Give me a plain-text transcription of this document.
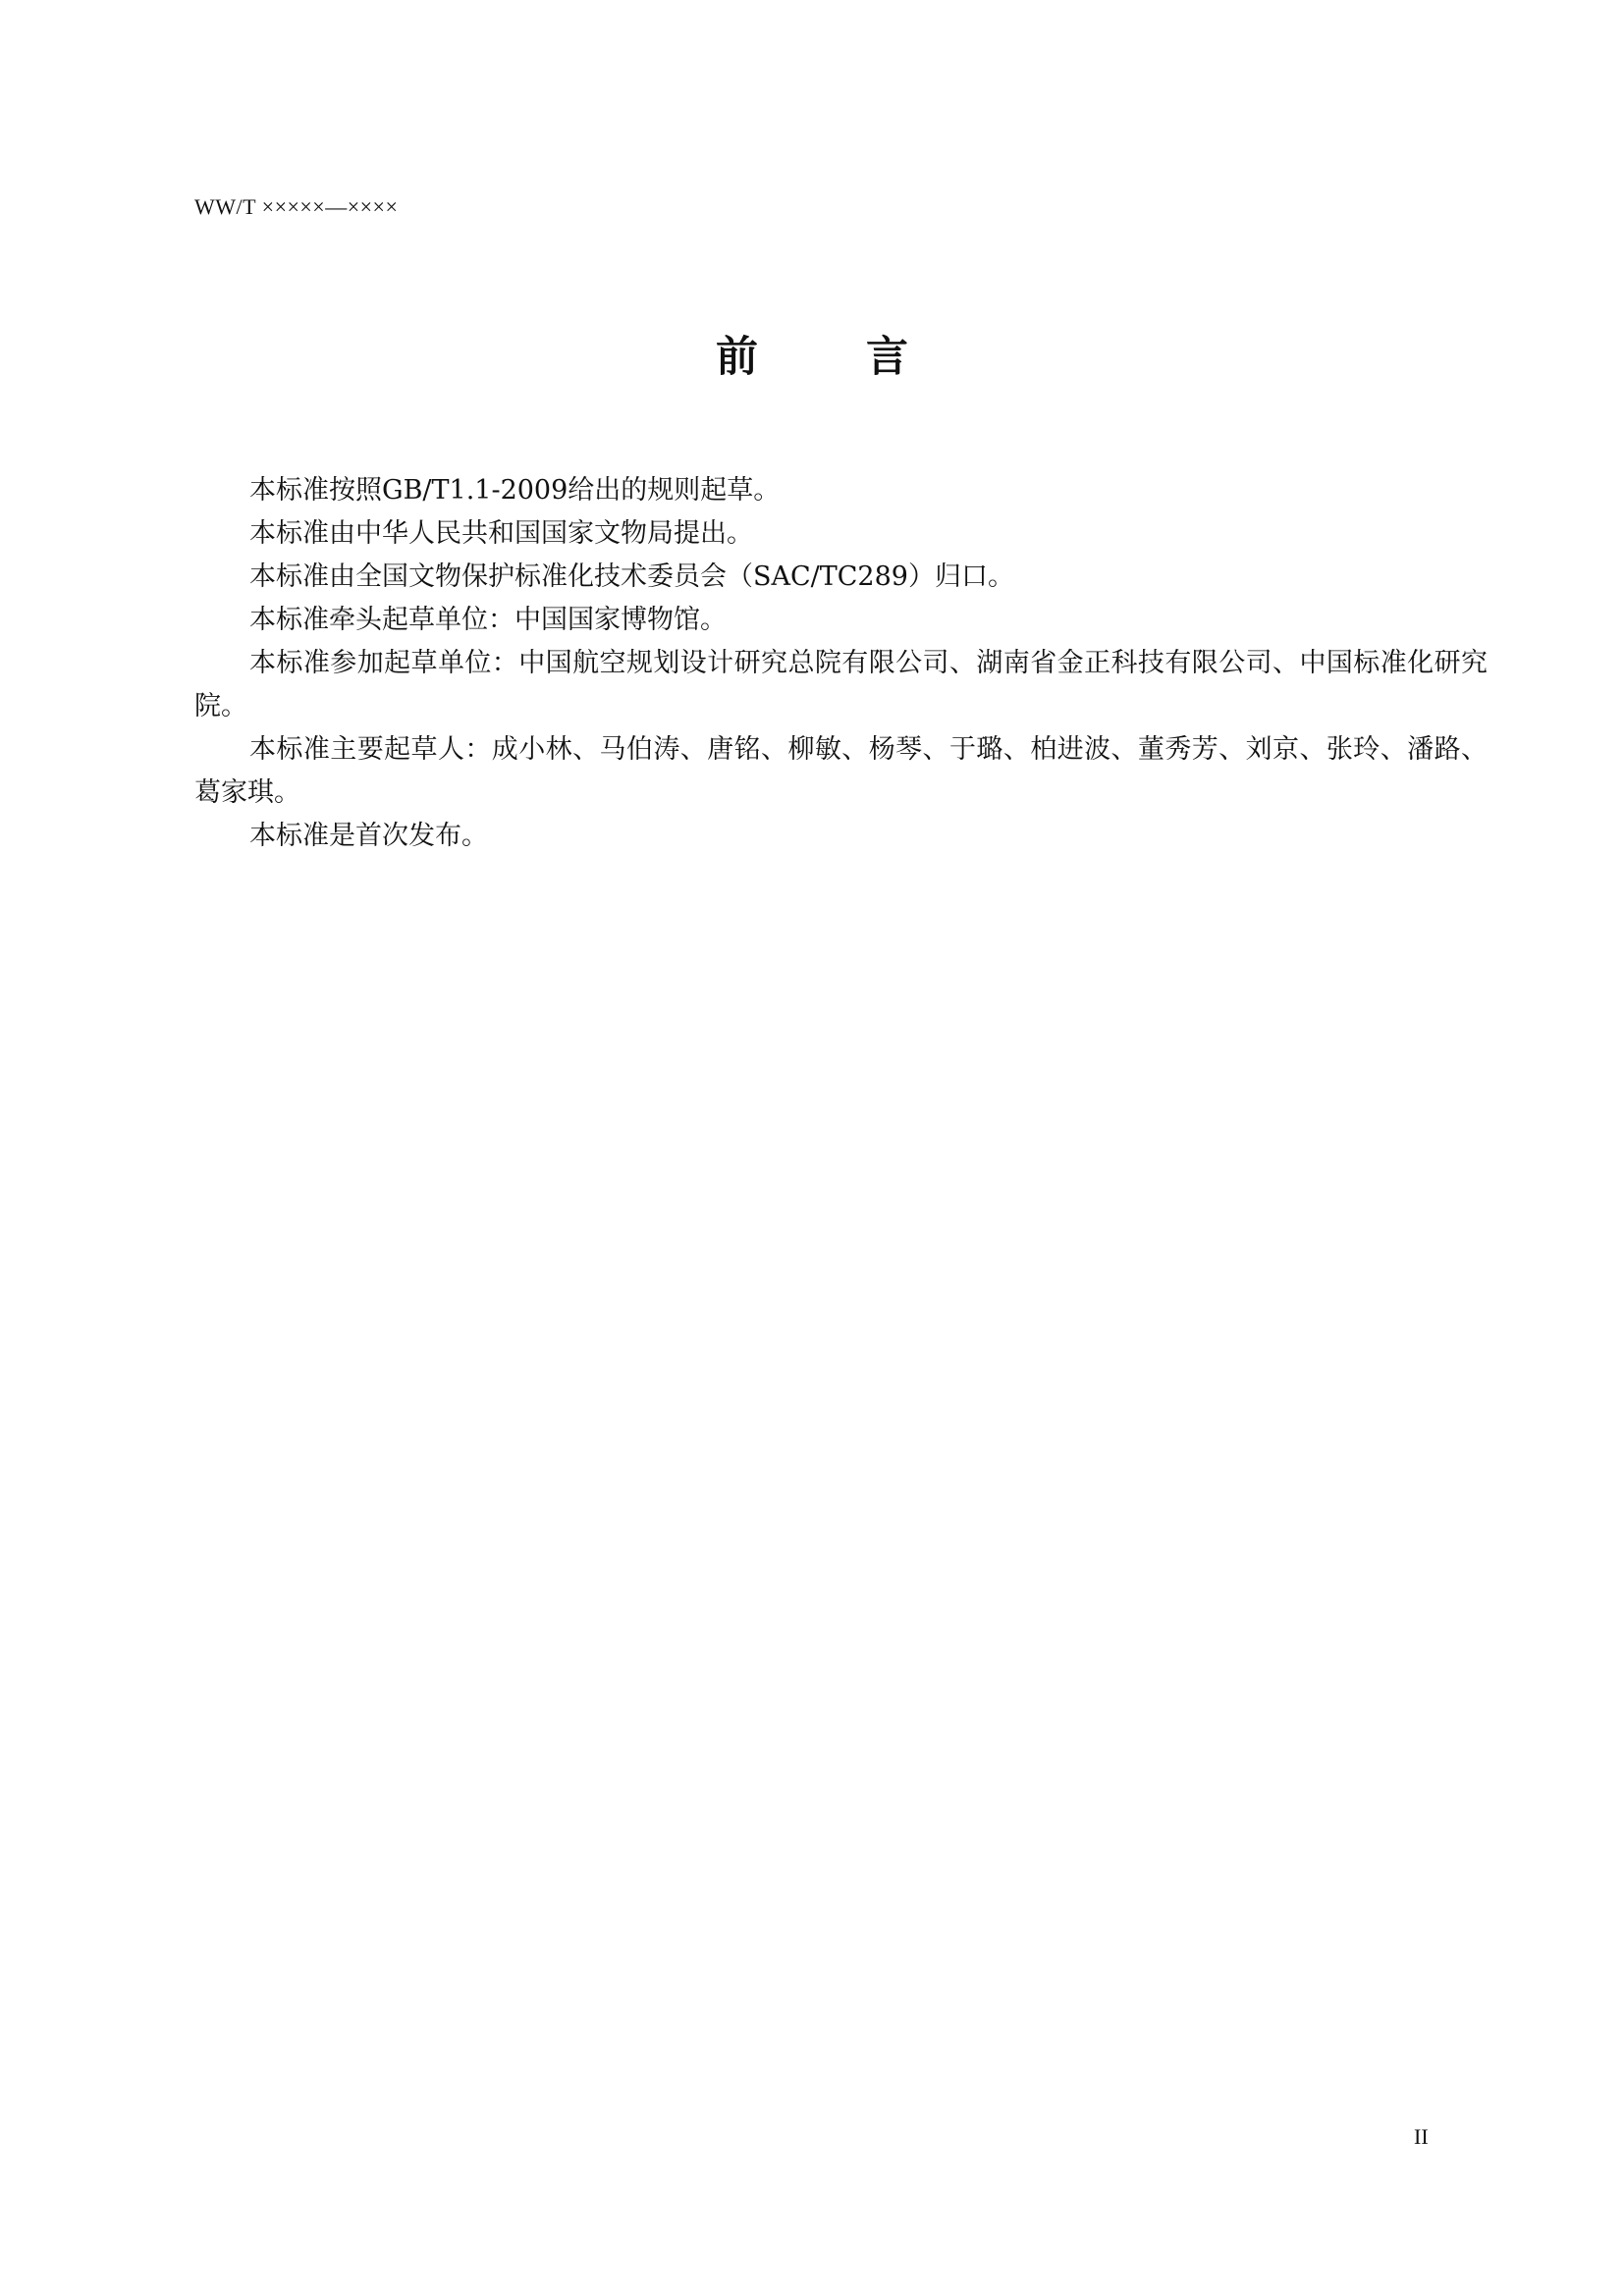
WW/T ×××××—××××
前	言

本标准按照GB/T1.1-2009给出的规则起草。

本标准由中华人民共和国国家文物局提出。

本标准由全国文物保护标准化技术委员会（SAC/TC289）归口。

本标准牵头起草单位：中国国家博物馆。

本标准参加起草单位：中国航空规划设计研究总院有限公司、湖南省金正科技有限公司、中国标准化研究院。

本标准主要起草人：成小林、马伯涛、唐铭、柳敏、杨琴、于璐、柏进波、董秀芳、刘京、张玲、潘路、葛家琪。

本标准是首次发布。

II
